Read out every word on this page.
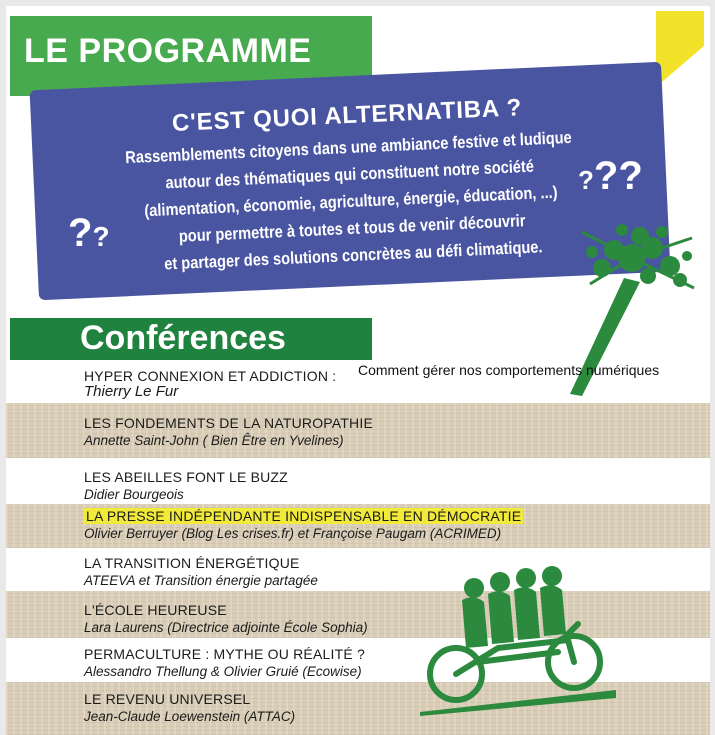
LE PROGRAMME
C'EST QUOI ALTERNATIBA ?
Rassemblements citoyens dans une ambiance festive et ludique
autour des thématiques qui constituent notre société
(alimentation, économie, agriculture, énergie, éducation, ...)
pour permettre à toutes et tous de venir découvrir
et partager des solutions concrètes au défi climatique.
??
???
Conférences
Comment gérer nos comportements numériques
HYPER CONNEXION ET ADDICTION :
Thierry Le Fur
LES FONDEMENTS DE LA NATUROPATHIE
Annette Saint-John ( Bien Être en Yvelines)
LES ABEILLES FONT LE BUZZ
Didier Bourgeois
LA PRESSE INDÉPENDANTE INDISPENSABLE EN DÉMOCRATIE
Olivier Berruyer (Blog Les crises.fr) et Françoise Paugam (ACRIMED)
LA TRANSITION ÉNERGÉTIQUE
ATEEVA et Transition énergie partagée
L'ÉCOLE HEUREUSE
Lara Laurens (Directrice adjointe École Sophia)
PERMACULTURE : MYTHE OU RÉALITÉ ?
Alessandro Thellung & Olivier Gruié (Ecowise)
LE REVENU UNIVERSEL
Jean-Claude Loewenstein (ATTAC)
